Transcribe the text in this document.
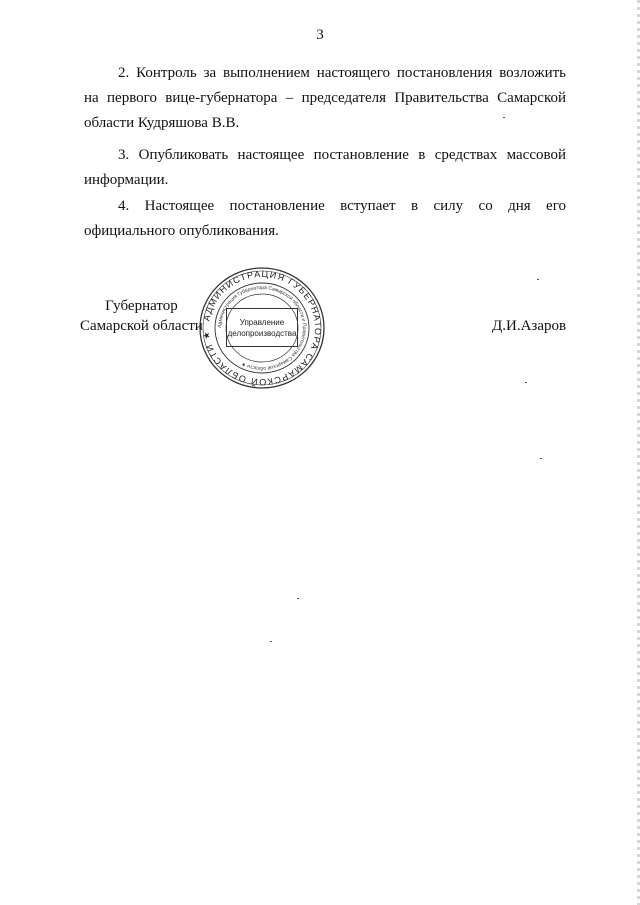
3

2. Контроль за выполнением настоящего постановления возложить

на первого вице-губернатора – председателя Правительства Самарской

области Кудряшова В.В.

3. Опубликовать настоящее постановление в средствах массовой

информации.

4. Настоящее постановление вступает в силу со дня его

официального опубликования.

Губернатор
Самарской области
АДМИНИСТРАЦИЯ ГУБЕРНАТОРА САМАРСКОЙ ОБЛАСТИ ★
Администрация Губернатора Самарской области и Правительства Самарской области ★
Управление
делопроизводства	Д.И.Азаров
